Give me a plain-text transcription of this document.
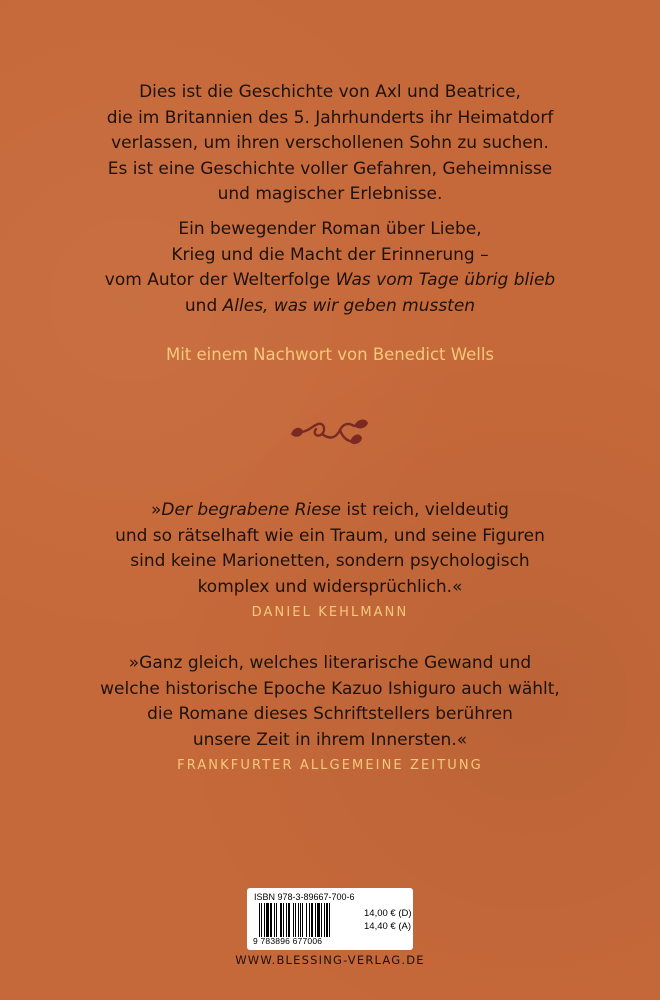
Dies ist die Geschichte von Axl und Beatrice,
die im Britannien des 5. Jahrhunderts ihr Heimatdorf
verlassen, um ihren verschollenen Sohn zu suchen.
Es ist eine Geschichte voller Gefahren, Geheimnisse
und magischer Erlebnisse.
Ein bewegender Roman über Liebe,
Krieg und die Macht der Erinnerung –
vom Autor der Welterfolge Was vom Tage übrig blieb
und Alles, was wir geben mussten
Mit einem Nachwort von Benedict Wells
»Der begrabene Riese ist reich, vieldeutig
und so rätselhaft wie ein Traum, und seine Figuren
sind keine Marionetten, sondern psychologisch
komplex und widersprüchlich.«
DANIEL KEHLMANN
»Ganz gleich, welches literarische Gewand und
welche historische Epoche Kazuo Ishiguro auch wählt,
die Romane dieses Schriftstellers berühren
unsere Zeit in ihrem Innersten.«
FRANKFURTER ALLGEMEINE ZEITUNG
ISBN 978-3-89667-700-6
9 783896 677006
14,00 € (D)
14,40 € (A)
WWW.BLESSING-VERLAG.DE
